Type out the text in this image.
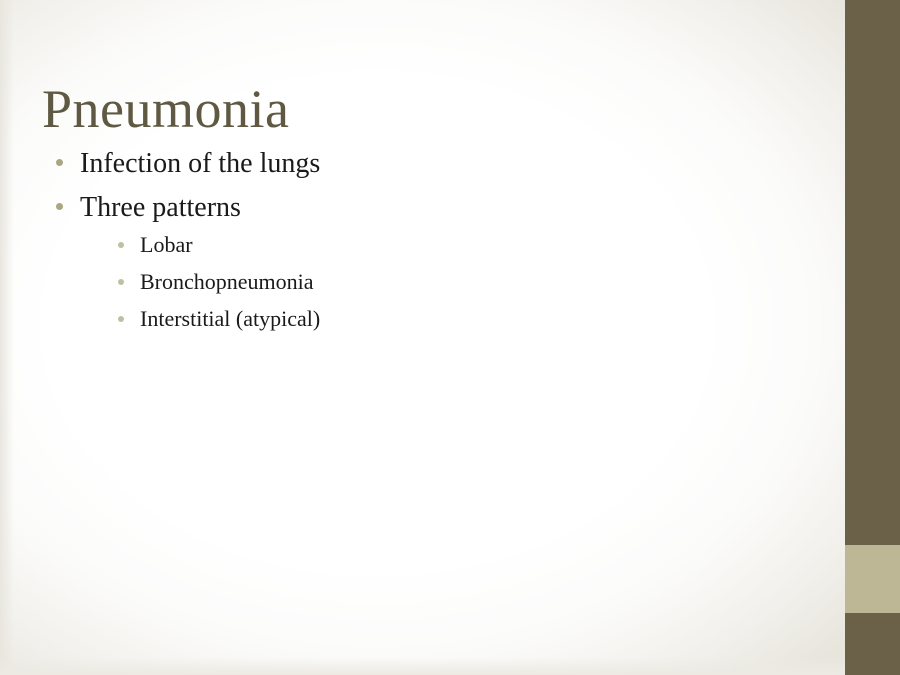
Pneumonia
Infection of the lungs
Three patterns
Lobar
Bronchopneumonia
Interstitial (atypical)
